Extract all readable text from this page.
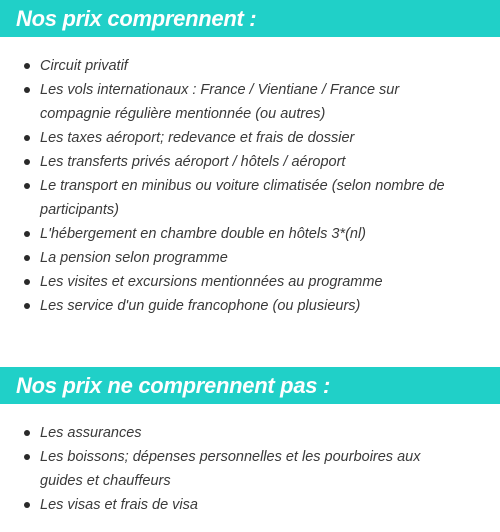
Nos prix comprennent :
Circuit privatif
Les vols internationaux : France / Vientiane / France sur compagnie régulière mentionnée (ou autres)
Les taxes aéroport; redevance et frais de dossier
Les transferts privés aéroport / hôtels / aéroport
Le transport en minibus ou voiture climatisée (selon nombre de participants)
L'hébergement en chambre double en hôtels 3*(nl)
La pension selon programme
Les visites et excursions mentionnées au programme
Les service d'un guide francophone (ou plusieurs)
Nos prix ne comprennent pas :
Les assurances
Les boissons; dépenses personnelles et les pourboires aux guides et chauffeurs
Les visas et frais de visa
